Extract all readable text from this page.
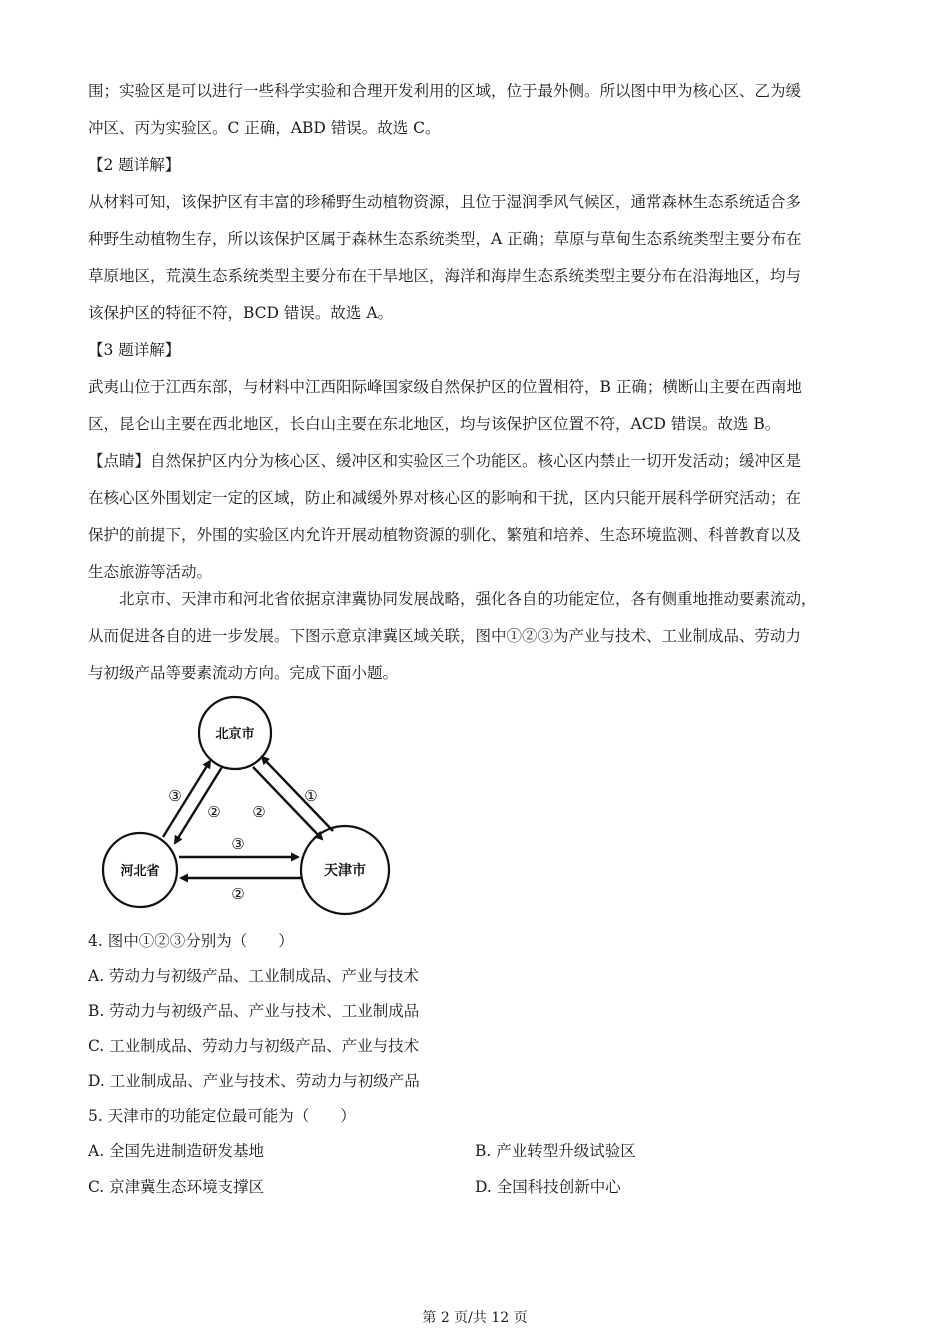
围；实验区是可以进行一些科学实验和合理开发利用的区域，位于最外侧。所以图中甲为核心区、乙为缓
冲区、丙为实验区。C 正确，ABD 错误。故选 C。
【2 题详解】
从材料可知，该保护区有丰富的珍稀野生动植物资源，且位于湿润季风气候区，通常森林生态系统适合多
种野生动植物生存，所以该保护区属于森林生态系统类型，A 正确；草原与草甸生态系统类型主要分布在
草原地区，荒漠生态系统类型主要分布在干旱地区，海洋和海岸生态系统类型主要分布在沿海地区，均与
该保护区的特征不符，BCD 错误。故选 A。
【3 题详解】
武夷山位于江西东部，与材料中江西阳际峰国家级自然保护区的位置相符，B 正确；横断山主要在西南地
区，昆仑山主要在西北地区，长白山主要在东北地区，均与该保护区位置不符，ACD 错误。故选 B。
【点睛】自然保护区内分为核心区、缓冲区和实验区三个功能区。核心区内禁止一切开发活动；缓冲区是
在核心区外围划定一定的区域，防止和减缓外界对核心区的影响和干扰，区内只能开展科学研究活动；在
保护的前提下，外围的实验区内允许开展动植物资源的驯化、繁殖和培养、生态环境监测、科普教育以及
生态旅游等活动。
北京市、天津市和河北省依据京津冀协同发展战略，强化各自的功能定位，各有侧重地推动要素流动，
从而促进各自的进一步发展。下图示意京津冀区域关联，图中①②③为产业与技术、工业制成品、劳动力
与初级产品等要素流动方向。完成下面小题。
北京市
河北省	天津市
③
② ②
①
③
②
4. 图中①②③分别为（　　）
A. 劳动力与初级产品、工业制成品、产业与技术
B. 劳动力与初级产品、产业与技术、工业制成品
C. 工业制成品、劳动力与初级产品、产业与技术
D. 工业制成品、产业与技术、劳动力与初级产品
5. 天津市的功能定位最可能为（　　）
A. 全国先进制造研发基地	B. 产业转型升级试验区
C. 京津冀生态环境支撑区	D. 全国科技创新中心
第 2 页/共 12 页
